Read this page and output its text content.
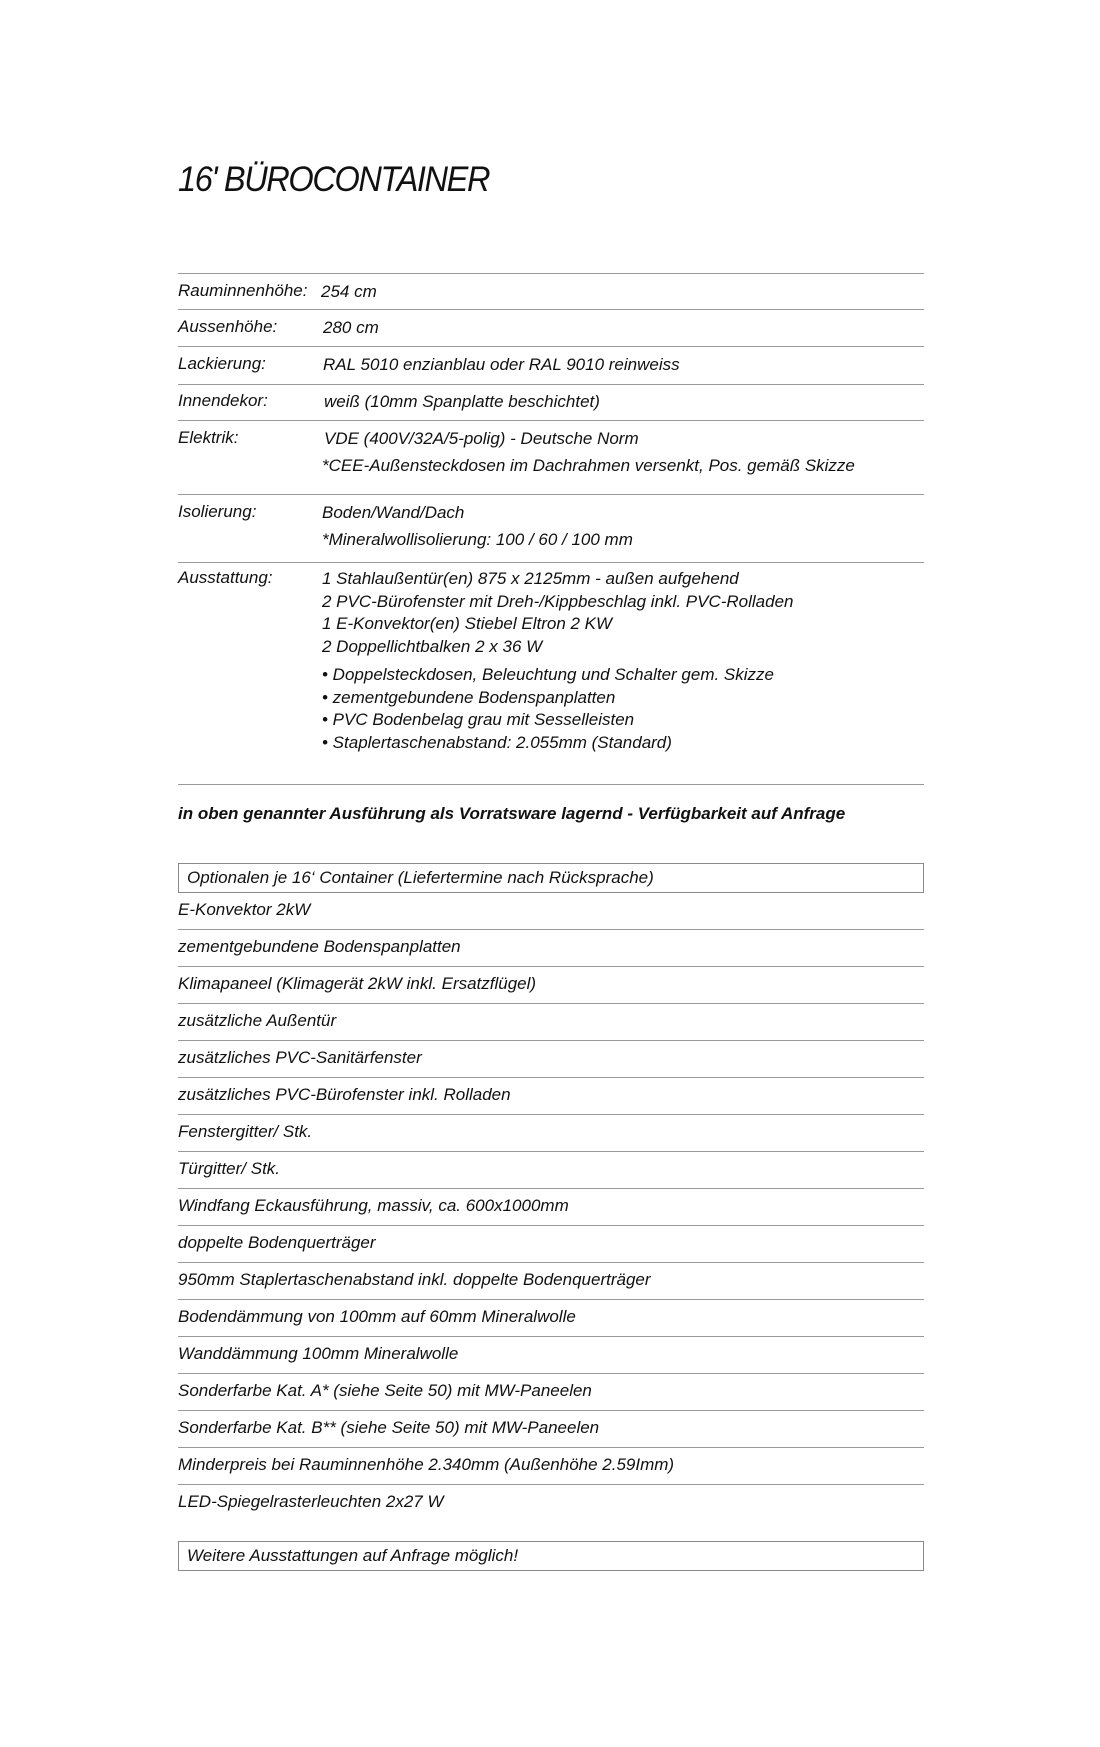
16' BÜROCONTAINER
Rauminnenhöhe: 254 cm
Aussenhöhe:	280 cm
Lackierung:	RAL 5010 enzianblau oder RAL 9010 reinweiss
Innendekor:	weiß (10mm Spanplatte beschichtet)
Elektrik:	VDE (400V/32A/5-polig) - Deutsche Norm
*CEE-Außensteckdosen im Dachrahmen versenkt, Pos. gemäß Skizze
Isolierung:	Boden/Wand/Dach
*Mineralwollisolierung: 100 / 60 / 100 mm
Ausstattung:	1 Stahlaußentür(en) 875 x 2125mm - außen aufgehend
2 PVC-Bürofenster mit Dreh-/Kippbeschlag inkl. PVC-Rolladen
1 E-Konvektor(en) Stiebel Eltron 2 KW
2 Doppellichtbalken 2 x 36 W
• Doppelsteckdosen, Beleuchtung und Schalter gem. Skizze
• zementgebundene Bodenspanplatten
• PVC Bodenbelag grau mit Sesselleisten
• Staplertaschenabstand: 2.055mm (Standard)
in oben genannter Ausführung als Vorratsware lagernd - Verfügbarkeit auf Anfrage
Optionalen je 16‘ Container (Liefertermine nach Rücksprache)
E-Konvektor 2kW
zementgebundene Bodenspanplatten
Klimapaneel (Klimagerät 2kW inkl. Ersatzflügel)
zusätzliche Außentür
zusätzliches PVC-Sanitärfenster
zusätzliches PVC-Bürofenster inkl. Rolladen
Fenstergitter/ Stk.
Türgitter/ Stk.
Windfang Eckausführung, massiv, ca. 600x1000mm
doppelte Bodenquerträger
950mm Staplertaschenabstand inkl. doppelte Bodenquerträger
Bodendämmung von 100mm auf 60mm Mineralwolle
Wanddämmung 100mm Mineralwolle
Sonderfarbe Kat. A* (siehe Seite 50) mit MW-Paneelen
Sonderfarbe Kat. B** (siehe Seite 50) mit MW-Paneelen
Minderpreis bei Rauminnenhöhe 2.340mm (Außenhöhe 2.59Imm)
LED-Spiegelrasterleuchten 2x27 W
Weitere Ausstattungen auf Anfrage möglich!
